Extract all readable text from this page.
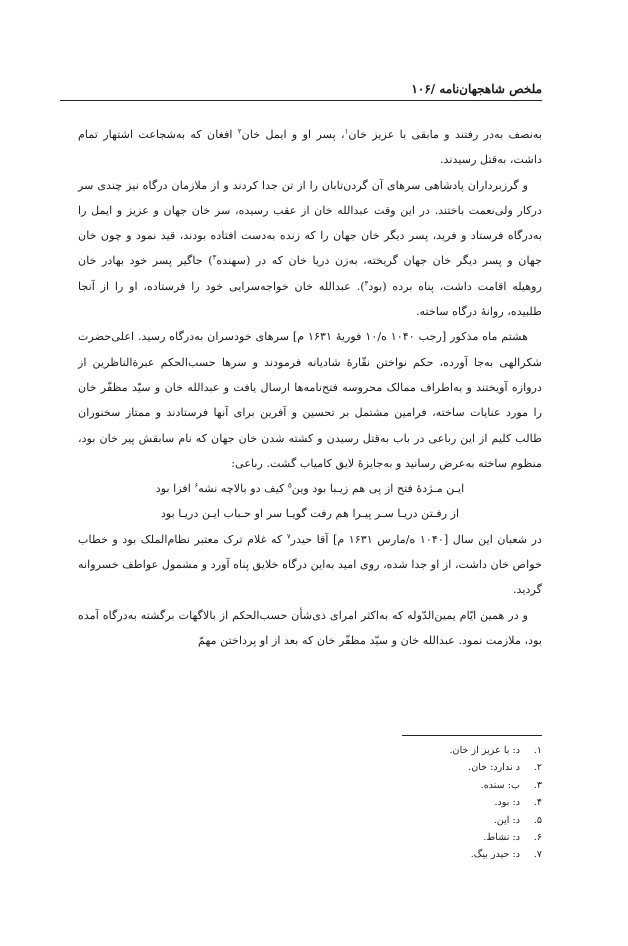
ملخص شاهجهان‌نامه /۱۰۶

به‌نصف به‌در رفتند و مابقی با عزیز خان$^۱$، پسر او و ایمل خان$^۲$ افغان که به‌شجاعت اشتهار تمام داشت، به‌قتل رسیدند.

و گرزبرداران پادشاهی سرهای آن گردن‌تابان را از تن جدا کردند و از ملازمان درگاه نیز چندی سر درکار ولی‌نعمت باختند. در این وقت عبدالله خان از عقب رسیده، سر خان جهان و عزیز و ایمل را به‌درگاه فرستاد و فرید، پسر دیگر خان جهان را که زنده به‌دست افتاده بودند، قید نمود و چون خان جهان و پسر دیگر خان جهان گریخته، به‌زن دریا خان که در (سهنده$^۳$) جاگیر پسر خود بهادر خان روهیله اقامت داشت، پناه برده (بود$^۴$). عبدالله خان خواجه‌سرایی خود را فرستاده، او را از آنجا طلبیده، روانهٔ درگاه ساخته.

هشتم ماه مذکور [رجب ۱۰۴۰ ه/۱۰ فوریهٔ ۱۶۳۱ م] سرهای خودسران به‌درگاه رسید. اعلی‌حضرت شکرالهی به‌جا آورده، حکم نواختن نقّارهٔ شادیانه فرمودند و سرها حسب‌الحکم عبرةالناظرین از دروازه آویختند و به‌اطراف ممالک محروسه فتح‌نامه‌ها ارسال یافت و عبدالله خان و سیّد مظفّر خان را مورد عنایات ساخته، فرامین مشتمل بر تحسین و آفرین برای آنها فرستادند و ممتاز سخنوران طالب کلیم از این رباعی در باب به‌قتل رسیدن و کشته شدن خان جهان که نام سابقش پیر خان بود، منظوم ساخته به‌عرض رسانید و به‌جایزهٔ لایق کامیاب گشت. رباعی:

ایـن مـژدهٔ فتح از پی هم زیـبا بود وین$^۵$ کیف دو بالاچه نشه$^۶$ افزا بود
از رفـتن دریـا سـر پیـرا هم رفت گویـا سر او حـباب ایـن دریـا بود

در شعبان این سال [۱۰۴۰ ه/مارس ۱۶۳۱ م] آقا حیدر$^۷$ که غلام ترک معتبر نظام‌الملک بود و خطاب خواص خان داشت، از او جدا شده، روی امید به‌این درگاه خلایق پناه آورد و مشمول عواطف خسروانه گردید.

و در همین ایّام یمین‌الدّوله که به‌اکثر امرای ذی‌شأن حسب‌الحکم از بالاگهات برگشته به‌درگاه آمده بود، ملازمت نمود. عبدالله خان و سیّد مظفّر خان که بعد از او پرداختن مهمّ

۱.
د: با عزیز از خان.
۲.
د ندارد: خان.
۳.
ب: سنده.
۴.
د: بود.
۵.
د: این.
۶.
د: نشاط.
۷.
د: حیدر بیگ.
